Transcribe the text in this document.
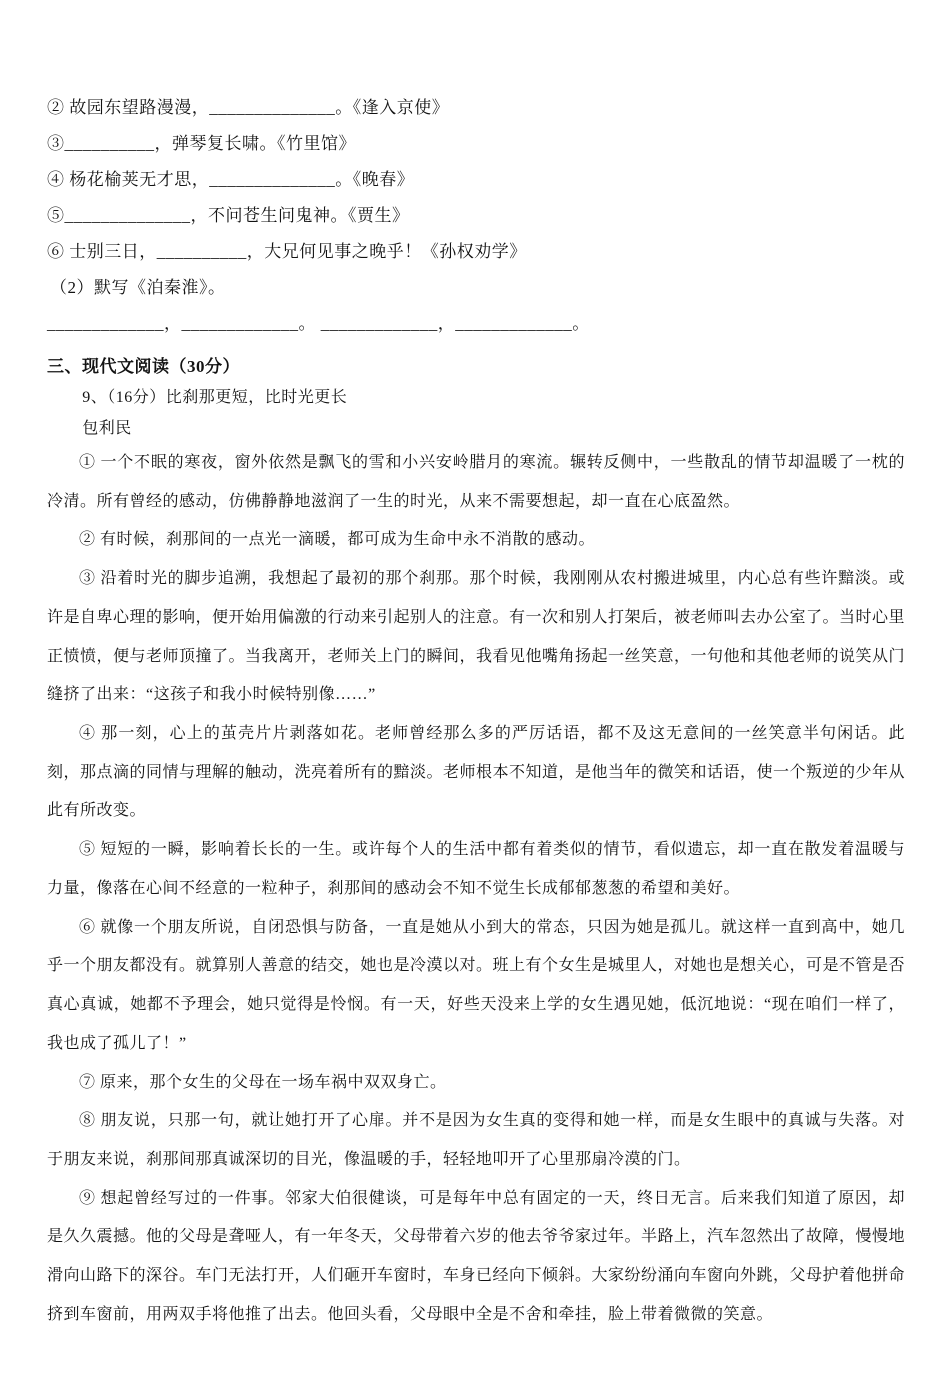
② 故园东望路漫漫，______________。《逢入京使》
③__________，弹琴复长啸。《竹里馆》
④ 杨花榆荚无才思，______________。《晚春》
⑤______________，不问苍生问鬼神。《贾生》
⑥ 士别三日，__________，大兄何见事之晚乎！《孙权劝学》
（2）默写《泊秦淮》。
_____________，_____________。 _____________，_____________。
三、现代文阅读（30分）
9、（16分）比刹那更短，比时光更长
包利民

① 一个不眠的寒夜，窗外依然是飘飞的雪和小兴安岭腊月的寒流。辗转反侧中，一些散乱的情节却温暖了一枕的冷清。所有曾经的感动，仿佛静静地滋润了一生的时光，从来不需要想起，却一直在心底盈然。

② 有时候，刹那间的一点光一滴暖，都可成为生命中永不消散的感动。

③ 沿着时光的脚步追溯，我想起了最初的那个刹那。那个时候，我刚刚从农村搬进城里，内心总有些许黯淡。或许是自卑心理的影响，便开始用偏激的行动来引起别人的注意。有一次和别人打架后，被老师叫去办公室了。当时心里正愤愤，便与老师顶撞了。当我离开，老师关上门的瞬间，我看见他嘴角扬起一丝笑意，一句他和其他老师的说笑从门缝挤了出来：“这孩子和我小时候特别像……”

④ 那一刻，心上的茧壳片片剥落如花。老师曾经那么多的严厉话语，都不及这无意间的一丝笑意半句闲话。此刻，那点滴的同情与理解的触动，洗亮着所有的黯淡。老师根本不知道，是他当年的微笑和话语，使一个叛逆的少年从此有所改变。

⑤ 短短的一瞬，影响着长长的一生。或许每个人的生活中都有着类似的情节，看似遗忘，却一直在散发着温暖与力量，像落在心间不经意的一粒种子，刹那间的感动会不知不觉生长成郁郁葱葱的希望和美好。

⑥ 就像一个朋友所说，自闭恐惧与防备，一直是她从小到大的常态，只因为她是孤儿。就这样一直到高中，她几乎一个朋友都没有。就算别人善意的结交，她也是冷漠以对。班上有个女生是城里人，对她也是想关心，可是不管是否真心真诚，她都不予理会，她只觉得是怜悯。有一天，好些天没来上学的女生遇见她，低沉地说：“现在咱们一样了，我也成了孤儿了！”

⑦ 原来，那个女生的父母在一场车祸中双双身亡。

⑧ 朋友说，只那一句，就让她打开了心扉。并不是因为女生真的变得和她一样，而是女生眼中的真诚与失落。对于朋友来说，刹那间那真诚深切的目光，像温暖的手，轻轻地叩开了心里那扇冷漠的门。

⑨ 想起曾经写过的一件事。邻家大伯很健谈，可是每年中总有固定的一天，终日无言。后来我们知道了原因，却是久久震撼。他的父母是聋哑人，有一年冬天，父母带着六岁的他去爷爷家过年。半路上，汽车忽然出了故障，慢慢地滑向山路下的深谷。车门无法打开，人们砸开车窗时，车身已经向下倾斜。大家纷纷涌向车窗向外跳，父母护着他拼命挤到车窗前，用两双手将他推了出去。他回头看，父母眼中全是不舍和牵挂，脸上带着微微的笑意。
